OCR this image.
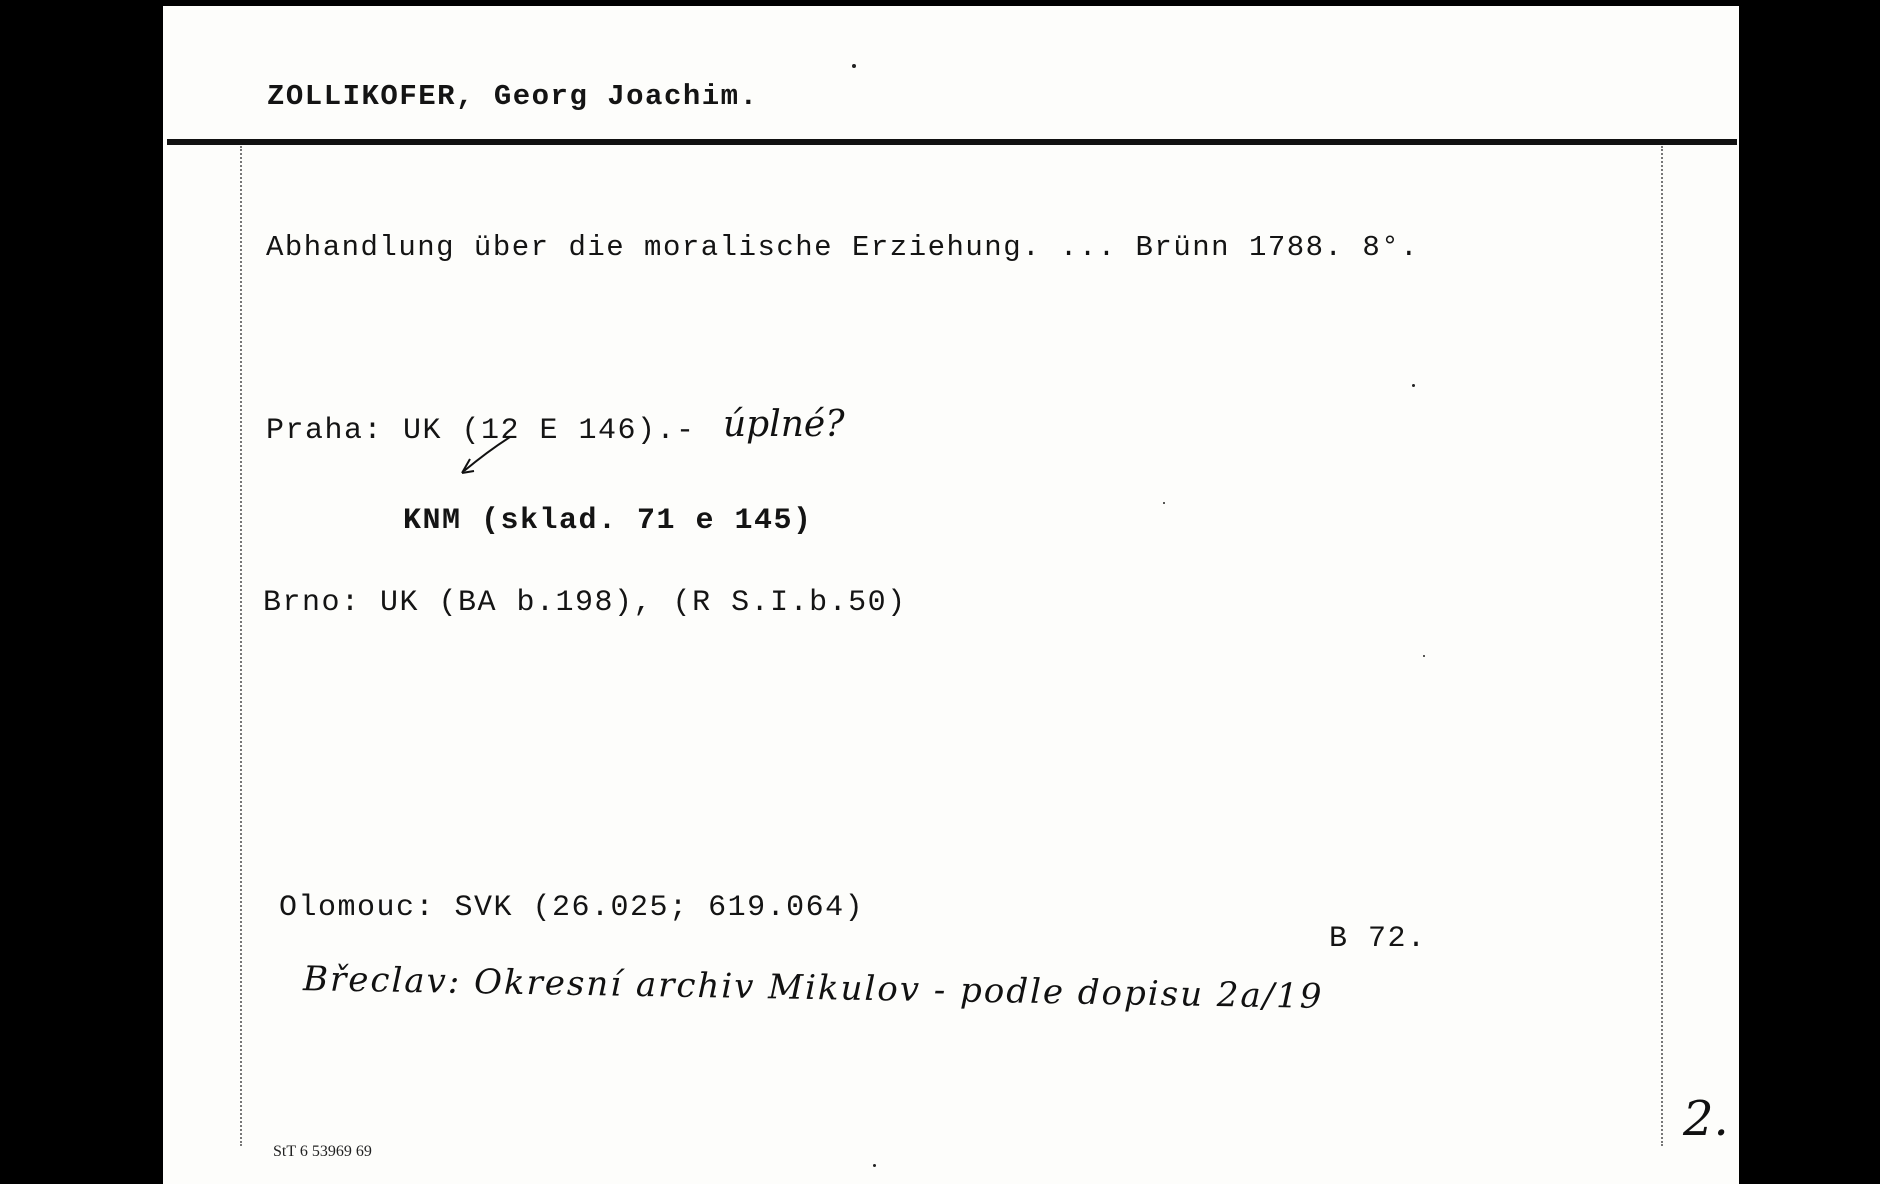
ZOLLIKOFER, Georg Joachim.
Abhandlung über die moralische Erziehung. ... Brünn 1788. 8°.
Praha: UK (12 E 146).- úplné?
KNM (sklad. 71 e 145)
Brno: UK (BA b.198), (R S.I.b.50)
Olomouc: SVK (26.025; 619.064)
B 72.
Břeclav: Okresní archiv Mikulov - podle dopisu 2a/19
2.
StT 6 53969 69
